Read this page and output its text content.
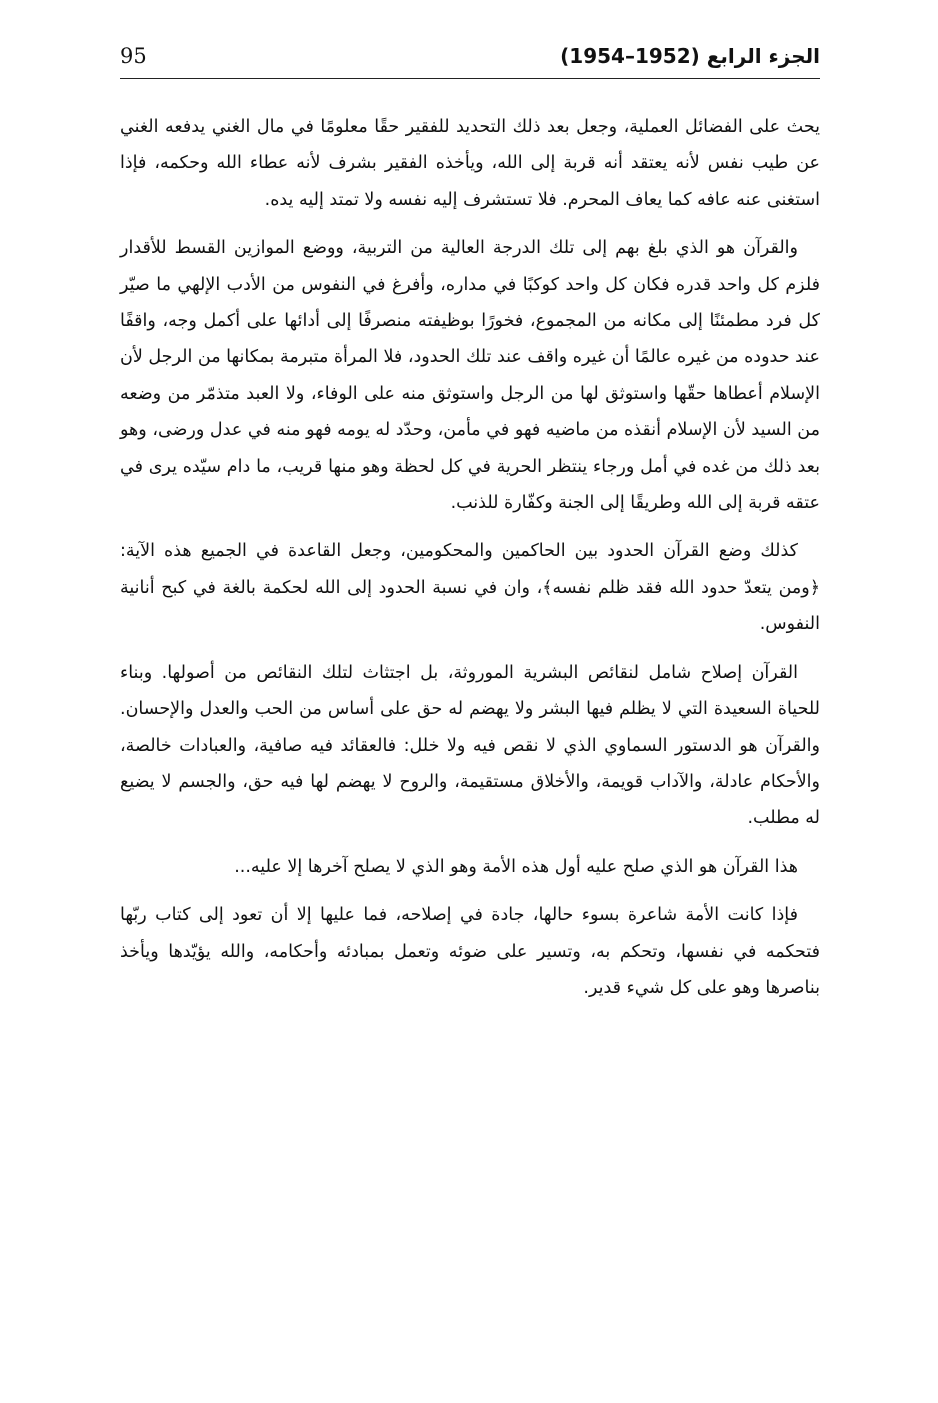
95	الجزء الرابع (1952–1954)

يحث على الفضائل العملية، وجعل بعد ذلك التحديد للفقير حقًا معلومًا في مال الغني يدفعه الغني عن طيب نفس لأنه يعتقد أنه قربة إلى الله، ويأخذه الفقير بشرف لأنه عطاء الله وحكمه، فإذا استغنى عنه عافه كما يعاف المحرم. فلا تستشرف إليه نفسه ولا تمتد إليه يده.

والقرآن هو الذي بلغ بهم إلى تلك الدرجة العالية من التربية، ووضع الموازين القسط للأقدار فلزم كل واحد قدره فكان كل واحد كوكبًا في مداره، وأفرغ في النفوس من الأدب الإلهي ما صيّر كل فرد مطمئنًا إلى مكانه من المجموع، فخورًا بوظيفته منصرفًا إلى أدائها على أكمل وجه، واقفًا عند حدوده من غيره عالمًا أن غيره واقف عند تلك الحدود، فلا المرأة متبرمة بمكانها من الرجل لأن الإسلام أعطاها حقّها واستوثق لها من الرجل واستوثق منه على الوفاء، ولا العبد متذمّر من وضعه من السيد لأن الإسلام أنقذه من ماضيه فهو في مأمن، وحدّد له يومه فهو منه في عدل ورضى، وهو بعد ذلك من غده في أمل ورجاء ينتظر الحرية في كل لحظة وهو منها قريب، ما دام سيّده يرى في عتقه قربة إلى الله وطريقًا إلى الجنة وكفّارة للذنب.

كذلك وضع القرآن الحدود بين الحاكمين والمحكومين، وجعل القاعدة في الجميع هذه الآية: ﴿ومن يتعدّ حدود الله فقد ظلم نفسه﴾، وان في نسبة الحدود إلى الله لحكمة بالغة في كبح أنانية النفوس.

القرآن إصلاح شامل لنقائص البشرية الموروثة، بل اجتثاث لتلك النقائص من أصولها. وبناء للحياة السعيدة التي لا يظلم فيها البشر ولا يهضم له حق على أساس من الحب والعدل والإحسان. والقرآن هو الدستور السماوي الذي لا نقص فيه ولا خلل: فالعقائد فيه صافية، والعبادات خالصة، والأحكام عادلة، والآداب قويمة، والأخلاق مستقيمة، والروح لا يهضم لها فيه حق، والجسم لا يضيع له مطلب.

هذا القرآن هو الذي صلح عليه أول هذه الأمة وهو الذي لا يصلح آخرها إلا عليه...

فإذا كانت الأمة شاعرة بسوء حالها، جادة في إصلاحه، فما عليها إلا أن تعود إلى كتاب ربّها فتحكمه في نفسها، وتحكم به، وتسير على ضوئه وتعمل بمبادئه وأحكامه، والله يؤيّدها ويأخذ بناصرها وهو على كل شيء قدير.
